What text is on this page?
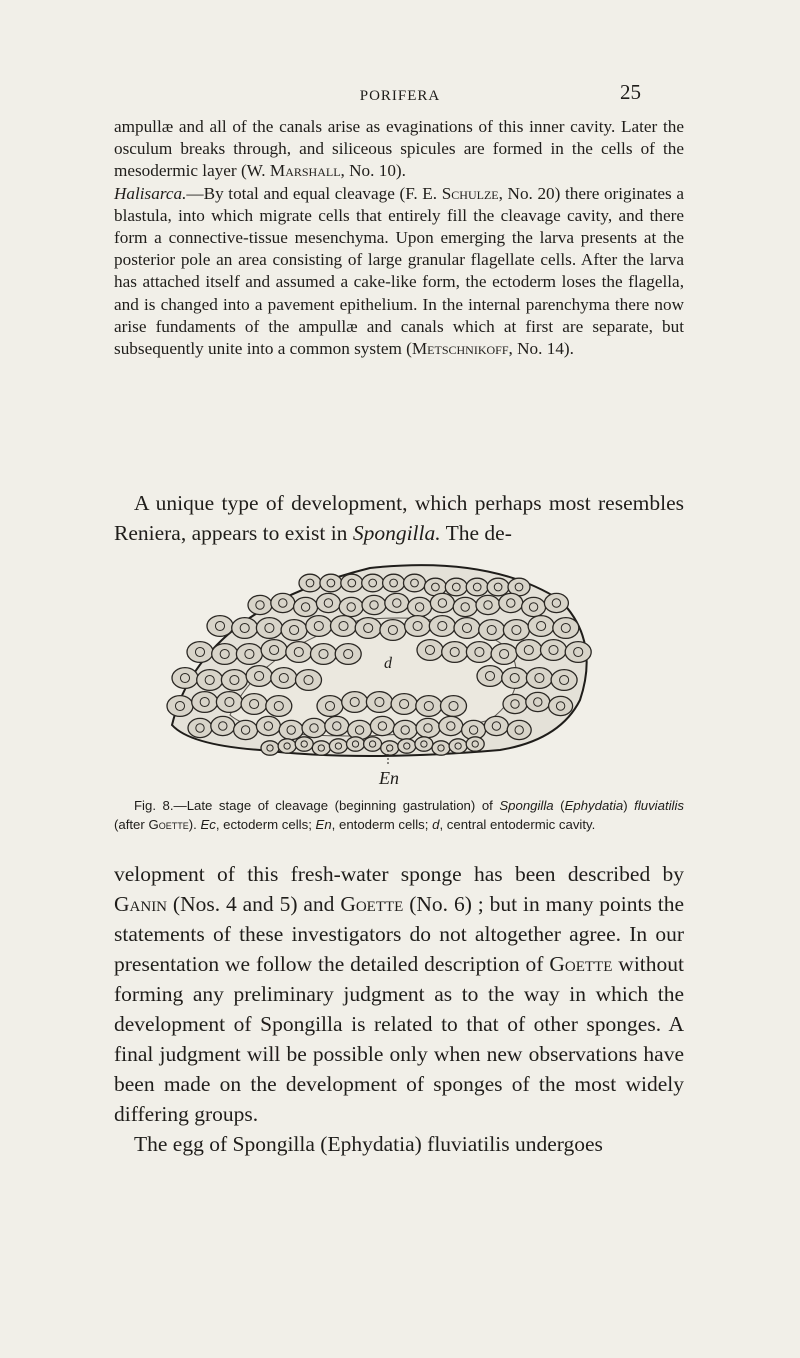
PORIFERA	25

ampullæ and all of the canals arise as evaginations of this inner cavity. Later the osculum breaks through, and siliceous spicules are formed in the cells of the mesodermic layer (W. Marshall, No. 10).

Halisarca.—By total and equal cleavage (F. E. Schulze, No. 20) there originates a blastula, into which migrate cells that entirely fill the cleavage cavity, and there form a connective-tissue mesenchyma. Upon emerging the larva presents at the posterior pole an area consisting of large granular flagellate cells. After the larva has attached itself and assumed a cake-like form, the ectoderm loses the flagella, and is changed into a pavement epithelium. In the internal parenchyma there now arise fundaments of the ampullæ and canals which at first are separate, but subsequently unite into a common system (Metschnikoff, No. 14).

A unique type of development, which perhaps most resembles Reniera, appears to exist in Spongilla. The de-

d
En

Fig. 8.—Late stage of cleavage (beginning gastrulation) of Spongilla (Ephydatia) fluviatilis (after Goette). Ec, ectoderm cells; En, entoderm cells; d, central entodermic cavity.

velopment of this fresh-water sponge has been described by Ganin (Nos. 4 and 5) and Goette (No. 6) ; but in many points the statements of these investigators do not altogether agree. In our presentation we follow the detailed description of Goette without forming any preliminary judgment as to the way in which the development of Spongilla is related to that of other sponges. A final judgment will be possible only when new observations have been made on the development of sponges of the most widely differing groups.

The egg of Spongilla (Ephydatia) fluviatilis undergoes
